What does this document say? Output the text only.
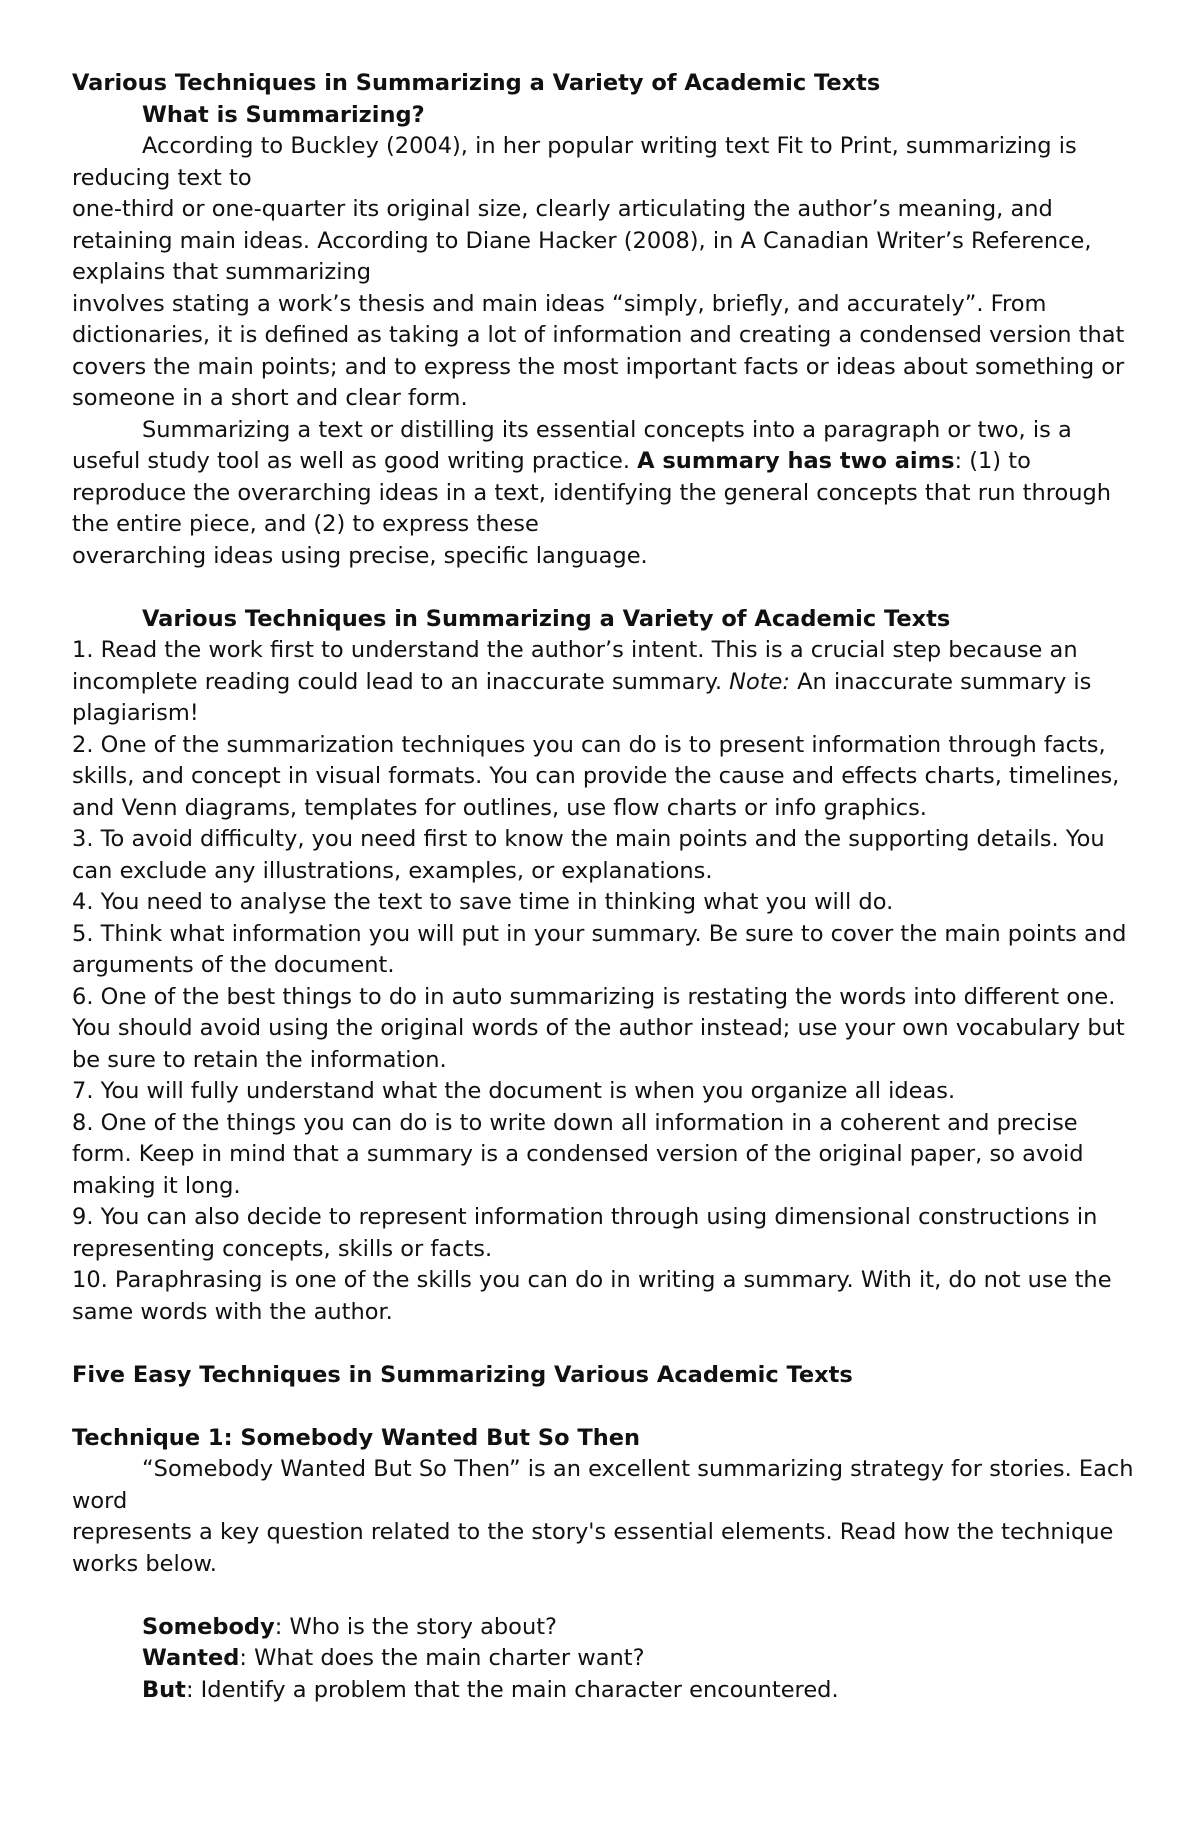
Various Techniques in Summarizing a Variety of Academic Texts

What is Summarizing?

According to Buckley (2004), in her popular writing text Fit to Print, summarizing is reducing text to

one-third or one-quarter its original size, clearly articulating the author’s meaning, and retaining main ideas. According to Diane Hacker (2008), in A Canadian Writer’s Reference, explains that summarizing

involves stating a work’s thesis and main ideas “simply, briefly, and accurately”. From dictionaries, it is defined as taking a lot of information and creating a condensed version that covers the main points; and to express the most important facts or ideas about something or someone in a short and clear form.

Summarizing a text or distilling its essential concepts into a paragraph or two, is a useful study tool as well as good writing practice. A summary has two aims: (1) to reproduce the overarching ideas in a text, identifying the general concepts that run through the entire piece, and (2) to express these

overarching ideas using precise, specific language.

Various Techniques in Summarizing a Variety of Academic Texts

1. Read the work first to understand the author’s intent. This is a crucial step because an incomplete reading could lead to an inaccurate summary. Note: An inaccurate summary is plagiarism!

2. One of the summarization techniques you can do is to present information through facts, skills, and concept in visual formats. You can provide the cause and effects charts, timelines, and Venn diagrams, templates for outlines, use flow charts or info graphics.

3. To avoid difficulty, you need first to know the main points and the supporting details. You can exclude any illustrations, examples, or explanations.

4. You need to analyse the text to save time in thinking what you will do.

5. Think what information you will put in your summary. Be sure to cover the main points and arguments of the document.

6. One of the best things to do in auto summarizing is restating the words into different one. You should avoid using the original words of the author instead; use your own vocabulary but be sure to retain the information.

7. You will fully understand what the document is when you organize all ideas.

8. One of the things you can do is to write down all information in a coherent and precise form. Keep in mind that a summary is a condensed version of the original paper, so avoid making it long.

9. You can also decide to represent information through using dimensional constructions in representing concepts, skills or facts.

10. Paraphrasing is one of the skills you can do in writing a summary. With it, do not use the same words with the author.

Five Easy Techniques in Summarizing Various Academic Texts

Technique 1: Somebody Wanted But So Then

“Somebody Wanted But So Then” is an excellent summarizing strategy for stories. Each word

represents a key question related to the story's essential elements. Read how the technique works below.

Somebody: Who is the story about?

Wanted: What does the main charter want?

But: Identify a problem that the main character encountered.
